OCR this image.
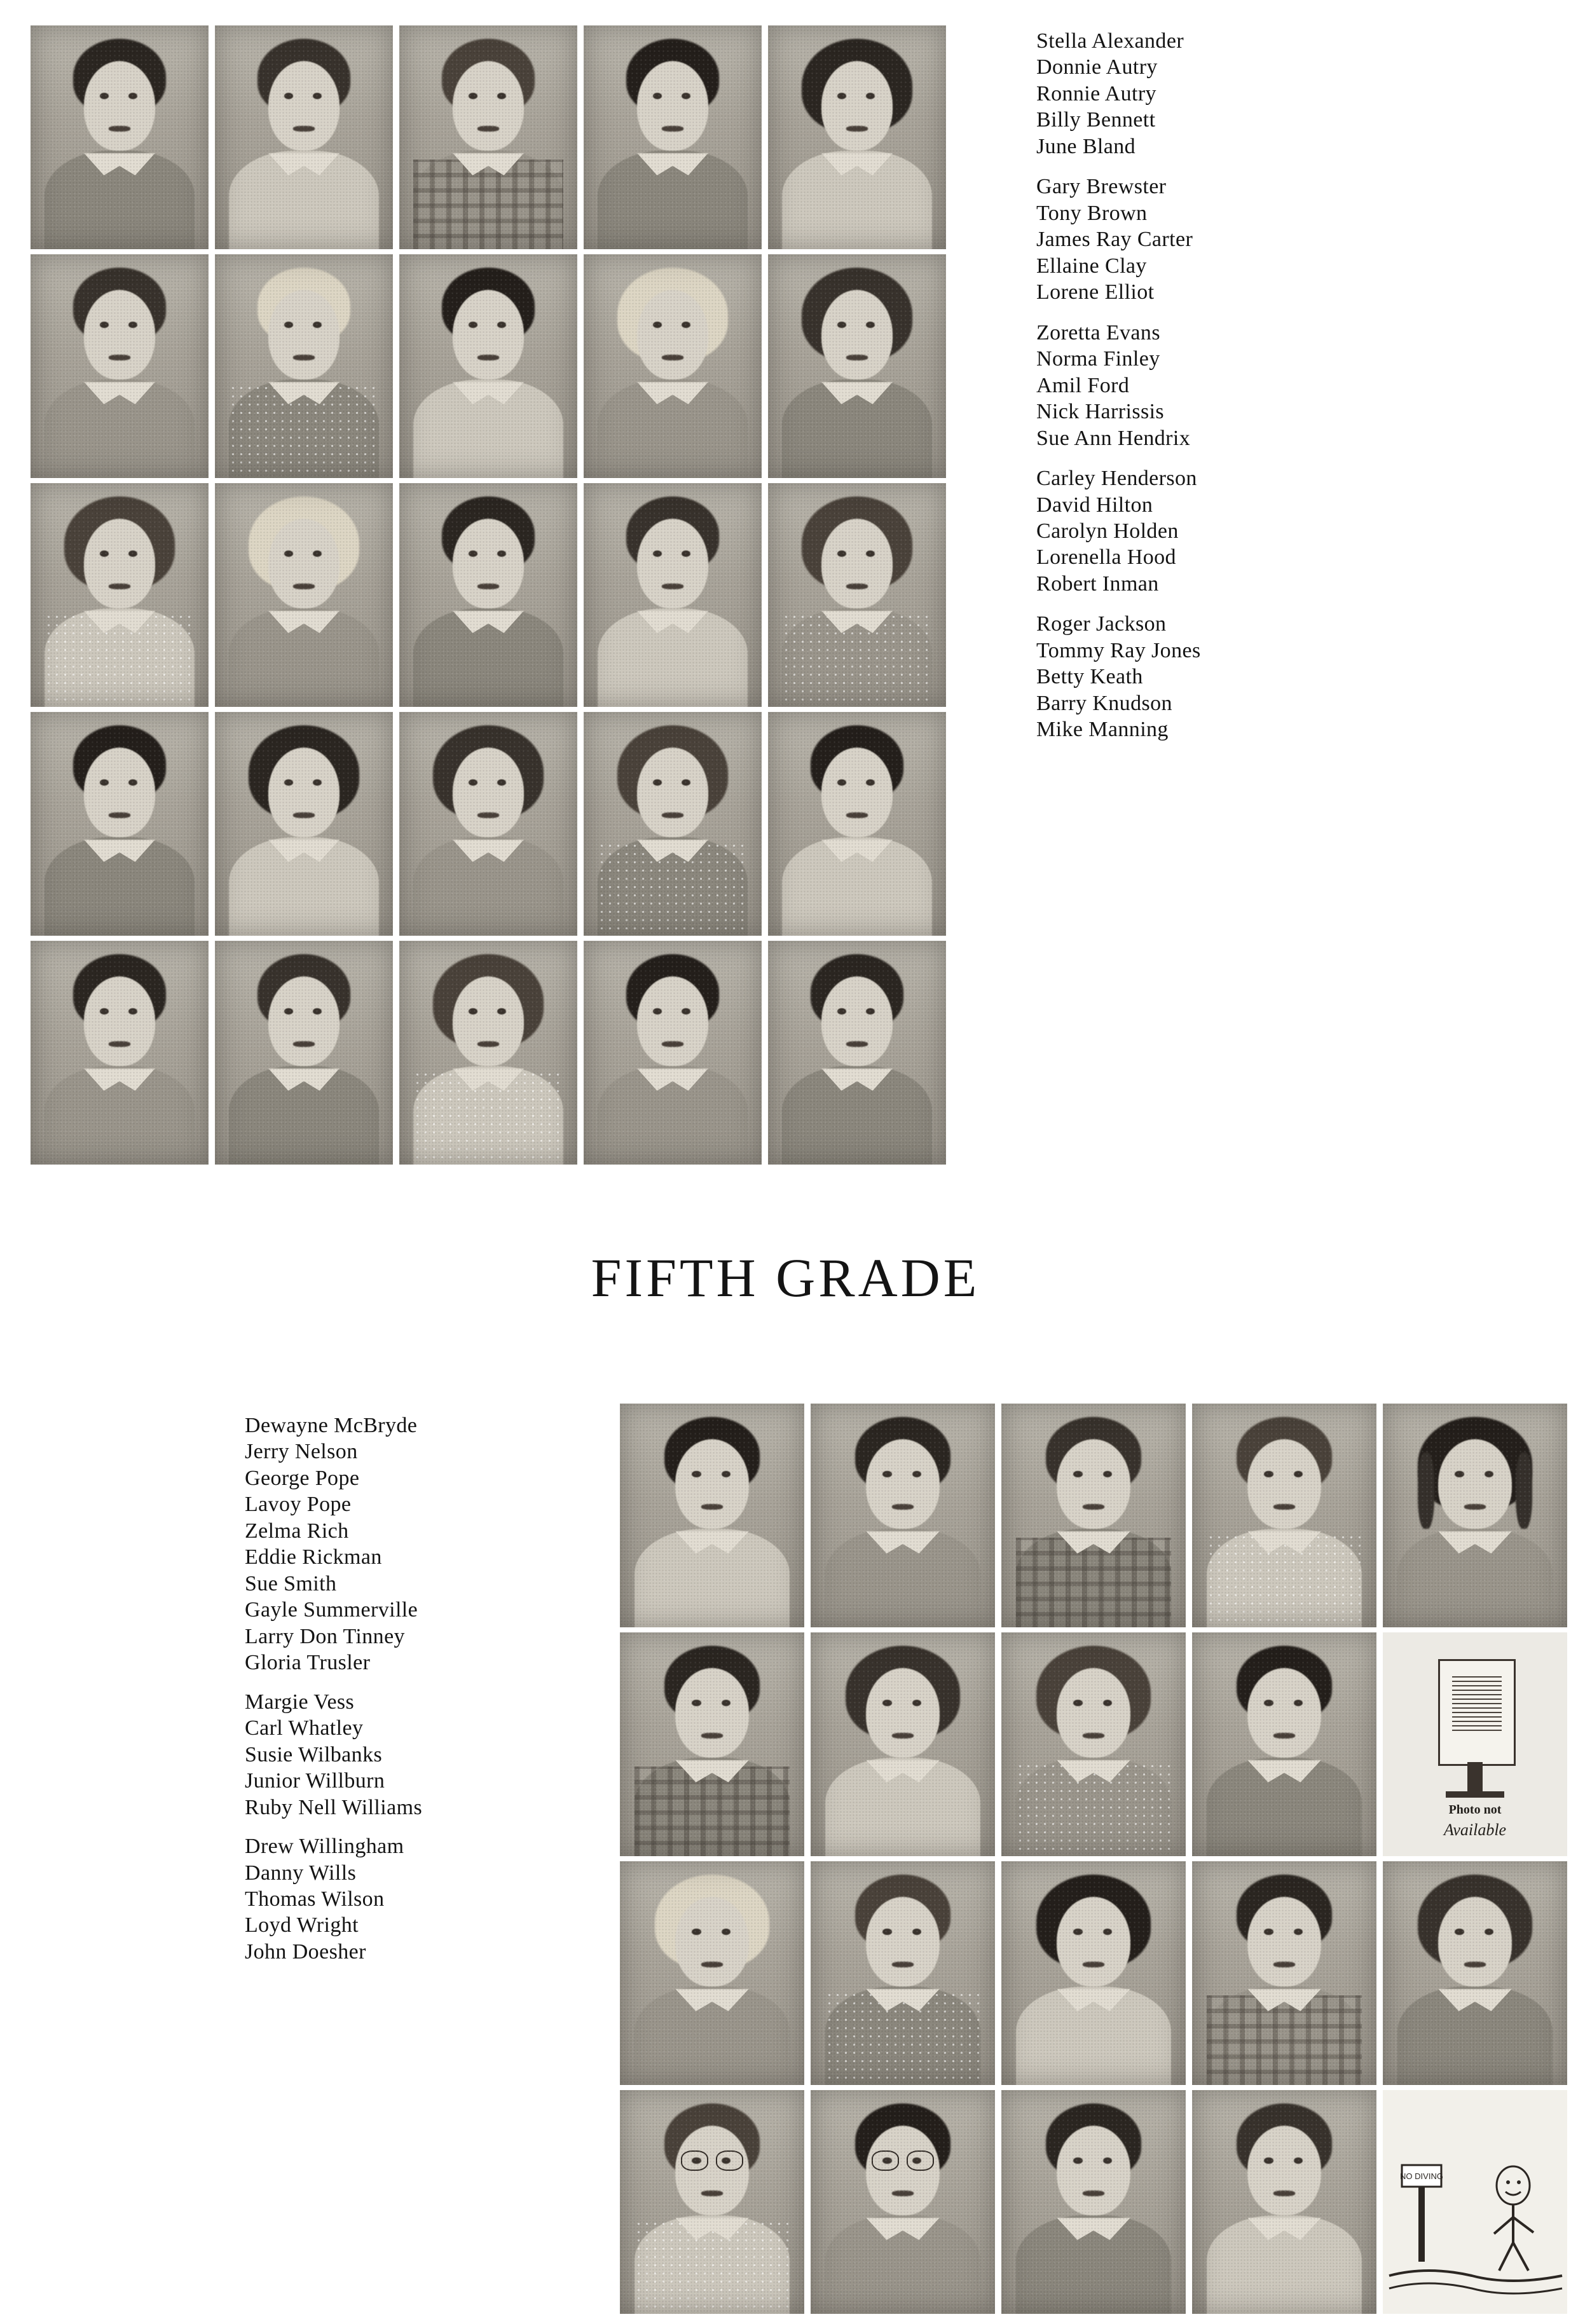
Stella Alexander
Donnie Autry
Ronnie Autry
Billy Bennett
June Bland
Gary Brewster
Tony Brown
James Ray Carter
Ellaine Clay
Lorene Elliot
Zoretta Evans
Norma Finley
Amil Ford
Nick Harrissis
Sue Ann Hendrix
Carley Henderson
David Hilton
Carolyn Holden
Lorenella Hood
Robert Inman
Roger Jackson
Tommy Ray Jones
Betty Keath
Barry Knudson
Mike Manning
FIFTH GRADE
Dewayne McBryde
Jerry Nelson
George Pope
Lavoy Pope
Zelma Rich
Eddie Rickman
Sue Smith
Gayle Summerville
Larry Don Tinney
Gloria Trusler
Margie Vess
Carl Whatley
Susie Wilbanks
Junior Willburn
Ruby Nell Williams
Drew Willingham
Danny Wills
Thomas Wilson
Loyd Wright
John Doesher
Photo not
Available
NO DIVING
